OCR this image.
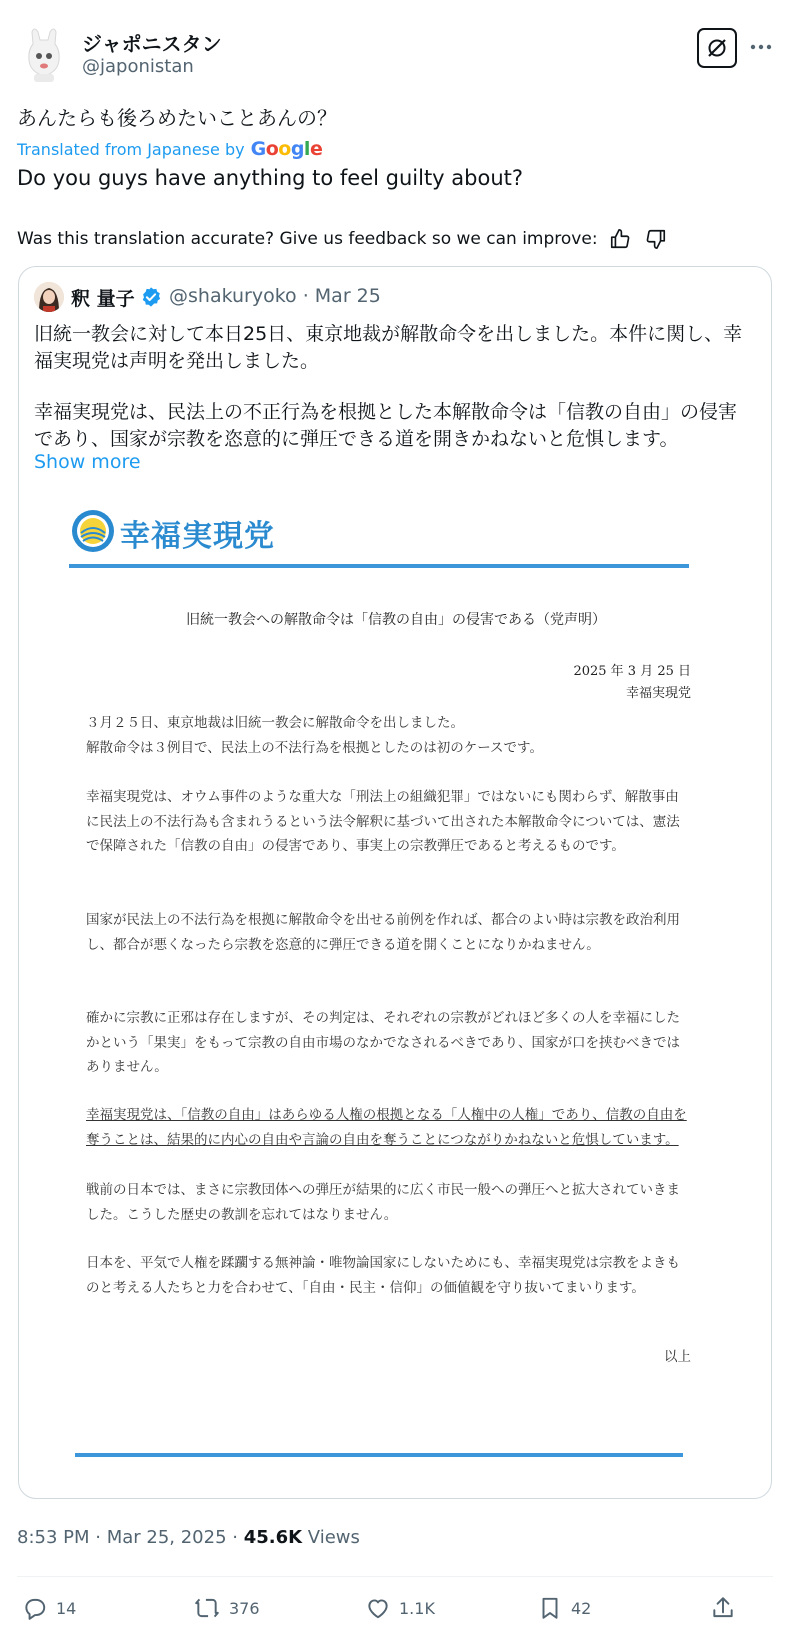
ジャポニスタン
@japonistan
あんたらも後ろめたいことあんの？
Translated from Japanese by Google
Do you guys have anything to feel guilty about?
Was this translation accurate? Give us feedback so we can improve:
釈 量子 @shakuryoko · Mar 25
旧統一教会に対して本日25日、東京地裁が解散命令を出しました。本件に関し、幸福実現党は声明を発出しました。
幸福実現党は、民法上の不正行為を根拠とした本解散命令は「信教の自由」の侵害であり、国家が宗教を恣意的に弾圧できる道を開きかねないと危惧します。
Show more
幸福実現党
旧統一教会への解散命令は「信教の自由」の侵害である（党声明）
2025 年 3 月 25 日
幸福実現党
３月２５日、東京地裁は旧統一教会に解散命令を出しました。
解散命令は３例目で、民法上の不法行為を根拠としたのは初のケースです。
幸福実現党は、オウム事件のような重大な「刑法上の組織犯罪」ではないにも関わらず、解散事由に民法上の不法行為も含まれうるという法令解釈に基づいて出された本解散命令については、憲法で保障された「信教の自由」の侵害であり、事実上の宗教弾圧であると考えるものです。
国家が民法上の不法行為を根拠に解散命令を出せる前例を作れば、都合のよい時は宗教を政治利用し、都合が悪くなったら宗教を恣意的に弾圧できる道を開くことになりかねません。
確かに宗教に正邪は存在しますが、その判定は、それぞれの宗教がどれほど多くの人を幸福にしたかという「果実」をもって宗教の自由市場のなかでなされるべきであり、国家が口を挟むべきではありません。
幸福実現党は、「信教の自由」はあらゆる人権の根拠となる「人権中の人権」であり、信教の自由を奪うことは、結果的に内心の自由や言論の自由を奪うことにつながりかねないと危惧しています。
戦前の日本では、まさに宗教団体への弾圧が結果的に広く市民一般への弾圧へと拡大されていきました。こうした歴史の教訓を忘れてはなりません。
日本を、平気で人権を蹂躙する無神論・唯物論国家にしないためにも、幸福実現党は宗教をよきものと考える人たちと力を合わせて、「自由・民主・信仰」の価値観を守り抜いてまいります。
以上
8:53 PM · Mar 25, 2025 · 45.6K Views
14	376	1.1K	42
